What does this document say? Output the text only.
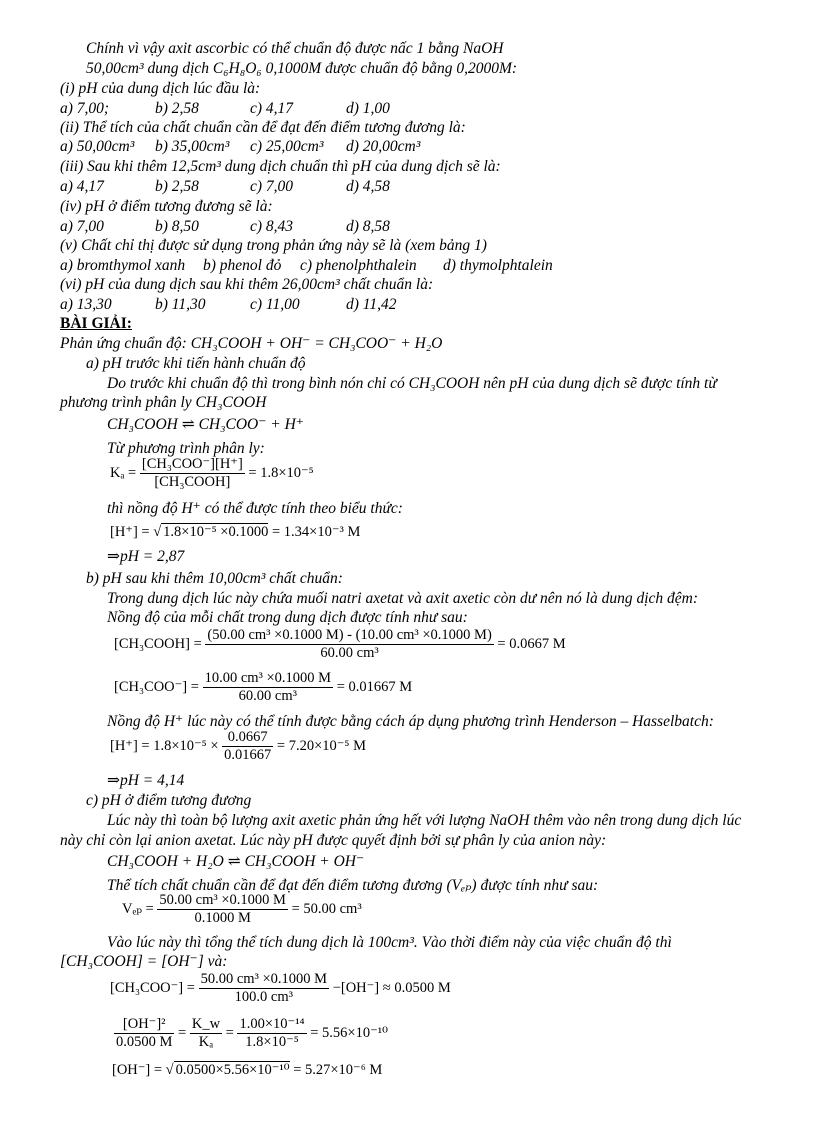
Chính vì vậy axit ascorbic có thể chuẩn độ được nấc 1 bằng NaOH
50,00cm³ dung dịch C₆H₈O₆ 0,1000M được chuẩn độ bằng 0,2000M:
(i) pH của dung dịch lúc đầu là:
a) 7,00;	b) 2,58	c) 4,17	d) 1,00
(ii) Thể tích của chất chuẩn cần để đạt đến điểm tương đương là:
a) 50,00cm³ b) 35,00cm³ c) 25,00cm³ d) 20,00cm³
(iii) Sau khi thêm 12,5cm³ dung dịch chuẩn thì pH của dung dịch sẽ là:
a) 4,17	b) 2,58	c) 7,00	d) 4,58
(iv) pH ở điểm tương đương sẽ là:
a) 7,00	b) 8,50	c) 8,43	d) 8,58
(v) Chất chỉ thị được sử dụng trong phản ứng này sẽ là (xem bảng 1)
a) bromthymol xanh b) phenol đỏ c) phenolphthalein d) thymolphtalein
(vi) pH của dung dịch sau khi thêm 26,00cm³ chất chuẩn là:
a) 13,30	b) 11,30	c) 11,00	d) 11,42
BÀI GIẢI:
Phản ứng chuẩn độ: CH₃COOH + OH⁻ = CH₃COO⁻ + H₂O
a) pH trước khi tiến hành chuẩn độ
Do trước khi chuẩn độ thì trong bình nón chỉ có CH₃COOH nên pH của dung dịch sẽ được tính từ
phương trình phân ly CH₃COOH
CH₃COOH ⇌ CH₃COO⁻ + H⁺
Từ phương trình phân ly:
$K_a = \frac{\text{[CH₃COO⁻][H⁺]}}{\text{[CH₃COOH]}} = 1.8\times 10^{-5}$
thì nồng độ H⁺ có thể được tính theo biểu thức:
[H⁺] = √ 1.8×10⁻⁵ ×0.1000 = 1.34×10⁻³ M
⇒pH = 2,87
b) pH sau khi thêm 10,00cm³ chất chuẩn:
Trong dung dịch lúc này chứa muối natri axetat và axit axetic còn dư nên nó là dung dịch đệm:
Nồng độ của mỗi chất trong dung dịch được tính như sau:
[CH₃COOH] = $\frac{\text{(50.00 cm³ ×0.1000 M) - (10.00 cm³ ×0.1000 M)}}{\text{60.00 cm³}} = 0.0667$ M
$[CH_3COO^-] = \frac{\text{10.00 cm³ ×0.1000 M}}{\text{60.00 cm³}} = 0.01667$ M
Nồng độ H⁺ lúc này có thể tính được bằng cách áp dụng phương trình Henderson – Hasselbatch:
$[H^+] = 1.8\times 10^{-5} \times \frac{0.0667}{0.01667} = 7.20\times 10^{-5}$ M
⇒pH = 4,14
c) pH ở điểm tương đương
Lúc này thì toàn bộ lượng axit axetic phản ứng hết với lượng NaOH thêm vào nên trong dung dịch lúc
này chỉ còn lại anion axetat. Lúc này pH được quyết định bởi sự phân ly của anion này:
CH₃COOH + H₂O ⇌ CH₃COOH + OH⁻
Thể tích chất chuẩn cần để đạt đến điểm tương đương (Vₑₚ) được tính như sau:
$V_{ep} = \frac{\text{50.00 cm³ ×0.1000 M}}{0.1000 M} = 50.00$ cm³
Vào lúc này thì tổng thể tích dung dịch là 100cm³. Vào thời điểm này của việc chuẩn độ thì
[CH₃COOH] = [OH⁻] và:
$[CH_3COO^-] = \frac{\text{50.00 cm³ ×0.1000 M}}{\text{100.0 cm³}} -[OH^-] \approx 0.0500$ M
$\frac{\text{[OH⁻]²}}{0.0500 M} = \frac{K\_w}{\text{Kₐ}} = \frac{\text{1.00×10⁻¹⁴}}{\text{1.8×10⁻⁵}} = 5.56\times 10^{-10}$
[OH⁻] = √ 0.0500×5.56×10⁻¹⁰ = 5.27×10⁻⁶ M
